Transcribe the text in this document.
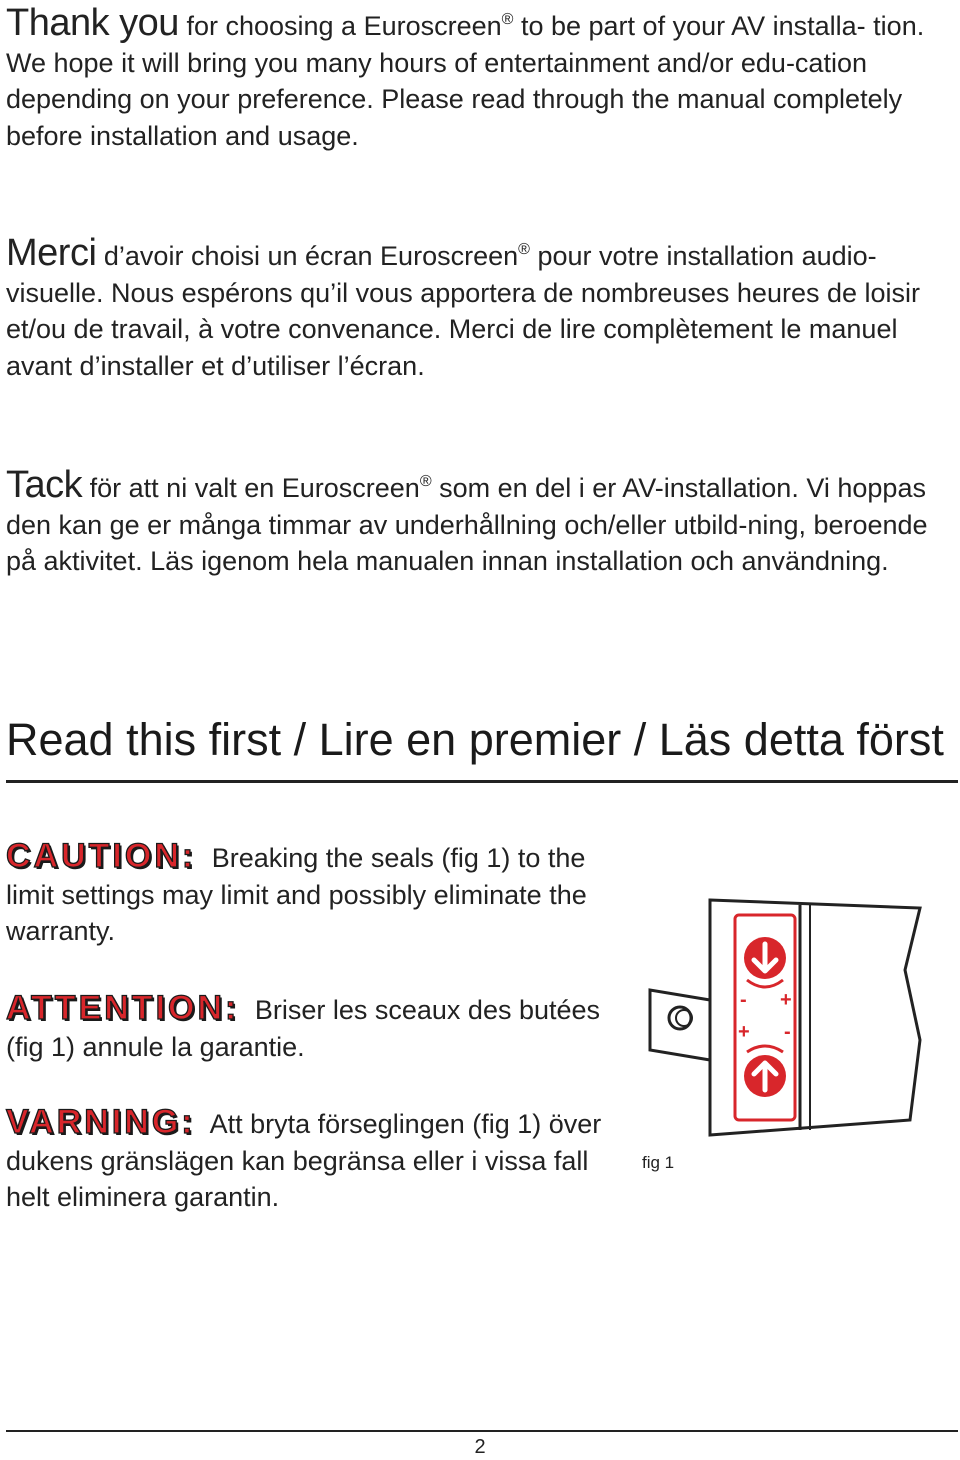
Thank you for choosing a Euroscreen® to be part of your AV installa- tion. We hope it will bring you many hours of entertainment and/or edu-cation depending on your preference. Please read through the manual completely before installation and usage.
Merci d’avoir choisi un écran Euroscreen® pour votre installation audio- visuelle. Nous espérons qu’il vous apportera de nombreuses heures de loisir et/ou de travail, à votre convenance. Merci de lire complètement le manuel avant d’installer et d’utiliser l’écran.
Tack för att ni valt en Euroscreen® som en del i er AV-installation. Vi hoppas den kan ge er många timmar av underhållning och/eller utbild-ning, beroende på aktivitet. Läs igenom hela manualen innan installation och användning.
Read this first / Lire en premier / Läs detta först
CAUTION: Breaking the seals (fig 1) to the limit settings may limit and possibly eliminate the warranty.
ATTENTION: Briser les sceaux des butées (fig 1) annule la garantie.
VARNING: Att bryta förseglingen (fig 1) över dukens gränslägen kan begränsa eller i vissa fall helt eliminera garantin.
- +
+ -
fig 1
2
